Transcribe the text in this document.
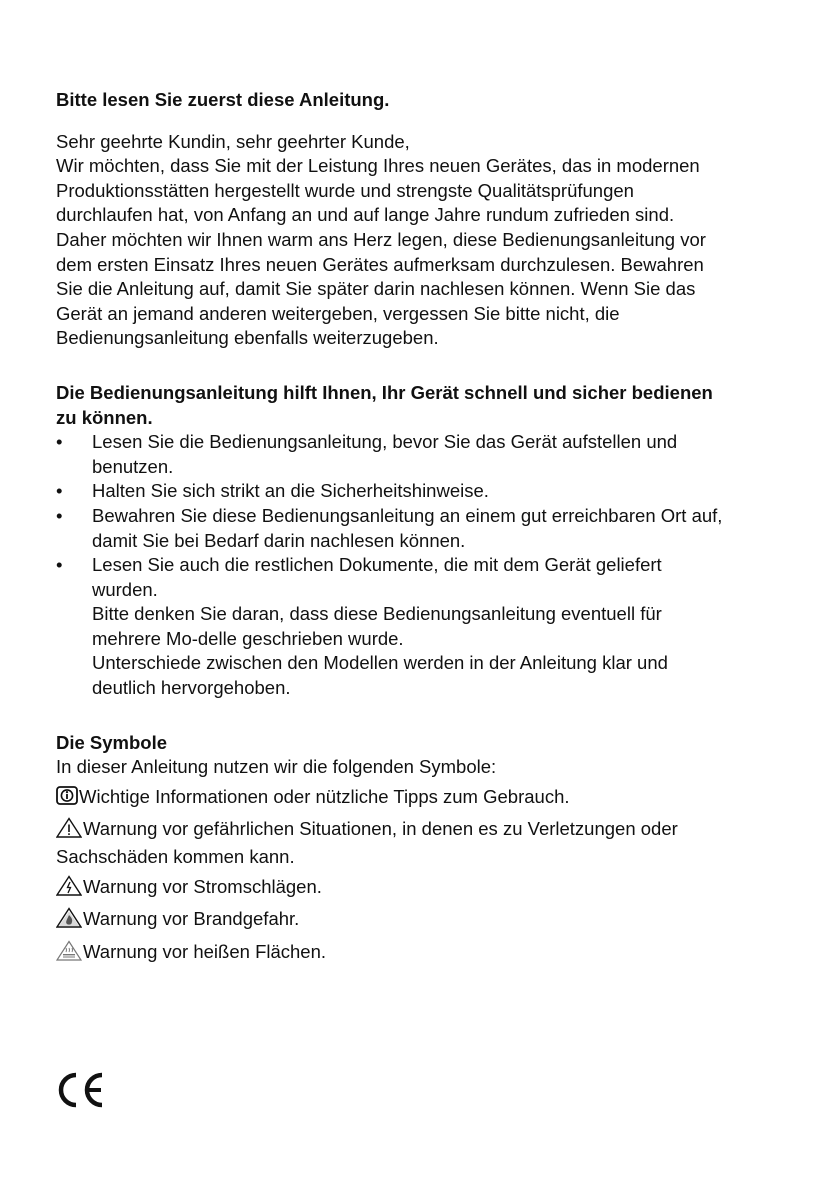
Bitte lesen Sie zuerst diese Anleitung.

Sehr geehrte Kundin, sehr geehrter Kunde,

Wir möchten, dass Sie mit der Leistung Ihres neuen Gerätes, das in modernen

Produktionsstätten hergestellt wurde und strengste Qualitätsprüfungen

durchlaufen hat, von Anfang an und auf lange Jahre rundum zufrieden sind.

Daher möchten wir Ihnen warm ans Herz legen, diese Bedienungsanleitung vor

dem ersten Einsatz Ihres neuen Gerätes aufmerksam durchzulesen. Bewahren

Sie die Anleitung auf, damit Sie später darin nachlesen können. Wenn Sie das

Gerät an jemand anderen weitergeben, vergessen Sie bitte nicht, die

Bedienungsanleitung ebenfalls weiterzugeben.

Die Bedienungsanleitung hilft Ihnen, Ihr Gerät schnell und sicher bedienen

zu können.

•	Lesen Sie die Bedienungsanleitung, bevor Sie das Gerät aufstellen und
benutzen.
•	Halten Sie sich strikt an die Sicherheitshinweise.
•	Bewahren Sie diese Bedienungsanleitung an einem gut erreichbaren Ort auf,
damit Sie bei Bedarf darin nachlesen können.
•	Lesen Sie auch die restlichen Dokumente, die mit dem Gerät geliefert
wurden.

Bitte denken Sie daran, dass diese Bedienungsanleitung eventuell für

mehrere Mo-delle geschrieben wurde.

Unterschiede zwischen den Modellen werden in der Anleitung klar und

deutlich hervorgehoben.

Die Symbole

In dieser Anleitung nutzen wir die folgenden Symbole:

Wichtige Informationen oder nützliche Tipps zum Gebrauch.
Warnung vor gefährlichen Situationen, in denen es zu Verletzungen oder
Sachschäden kommen kann.
Warnung vor Stromschlägen.
Warnung vor Brandgefahr.
Warnung vor heißen Flächen.
